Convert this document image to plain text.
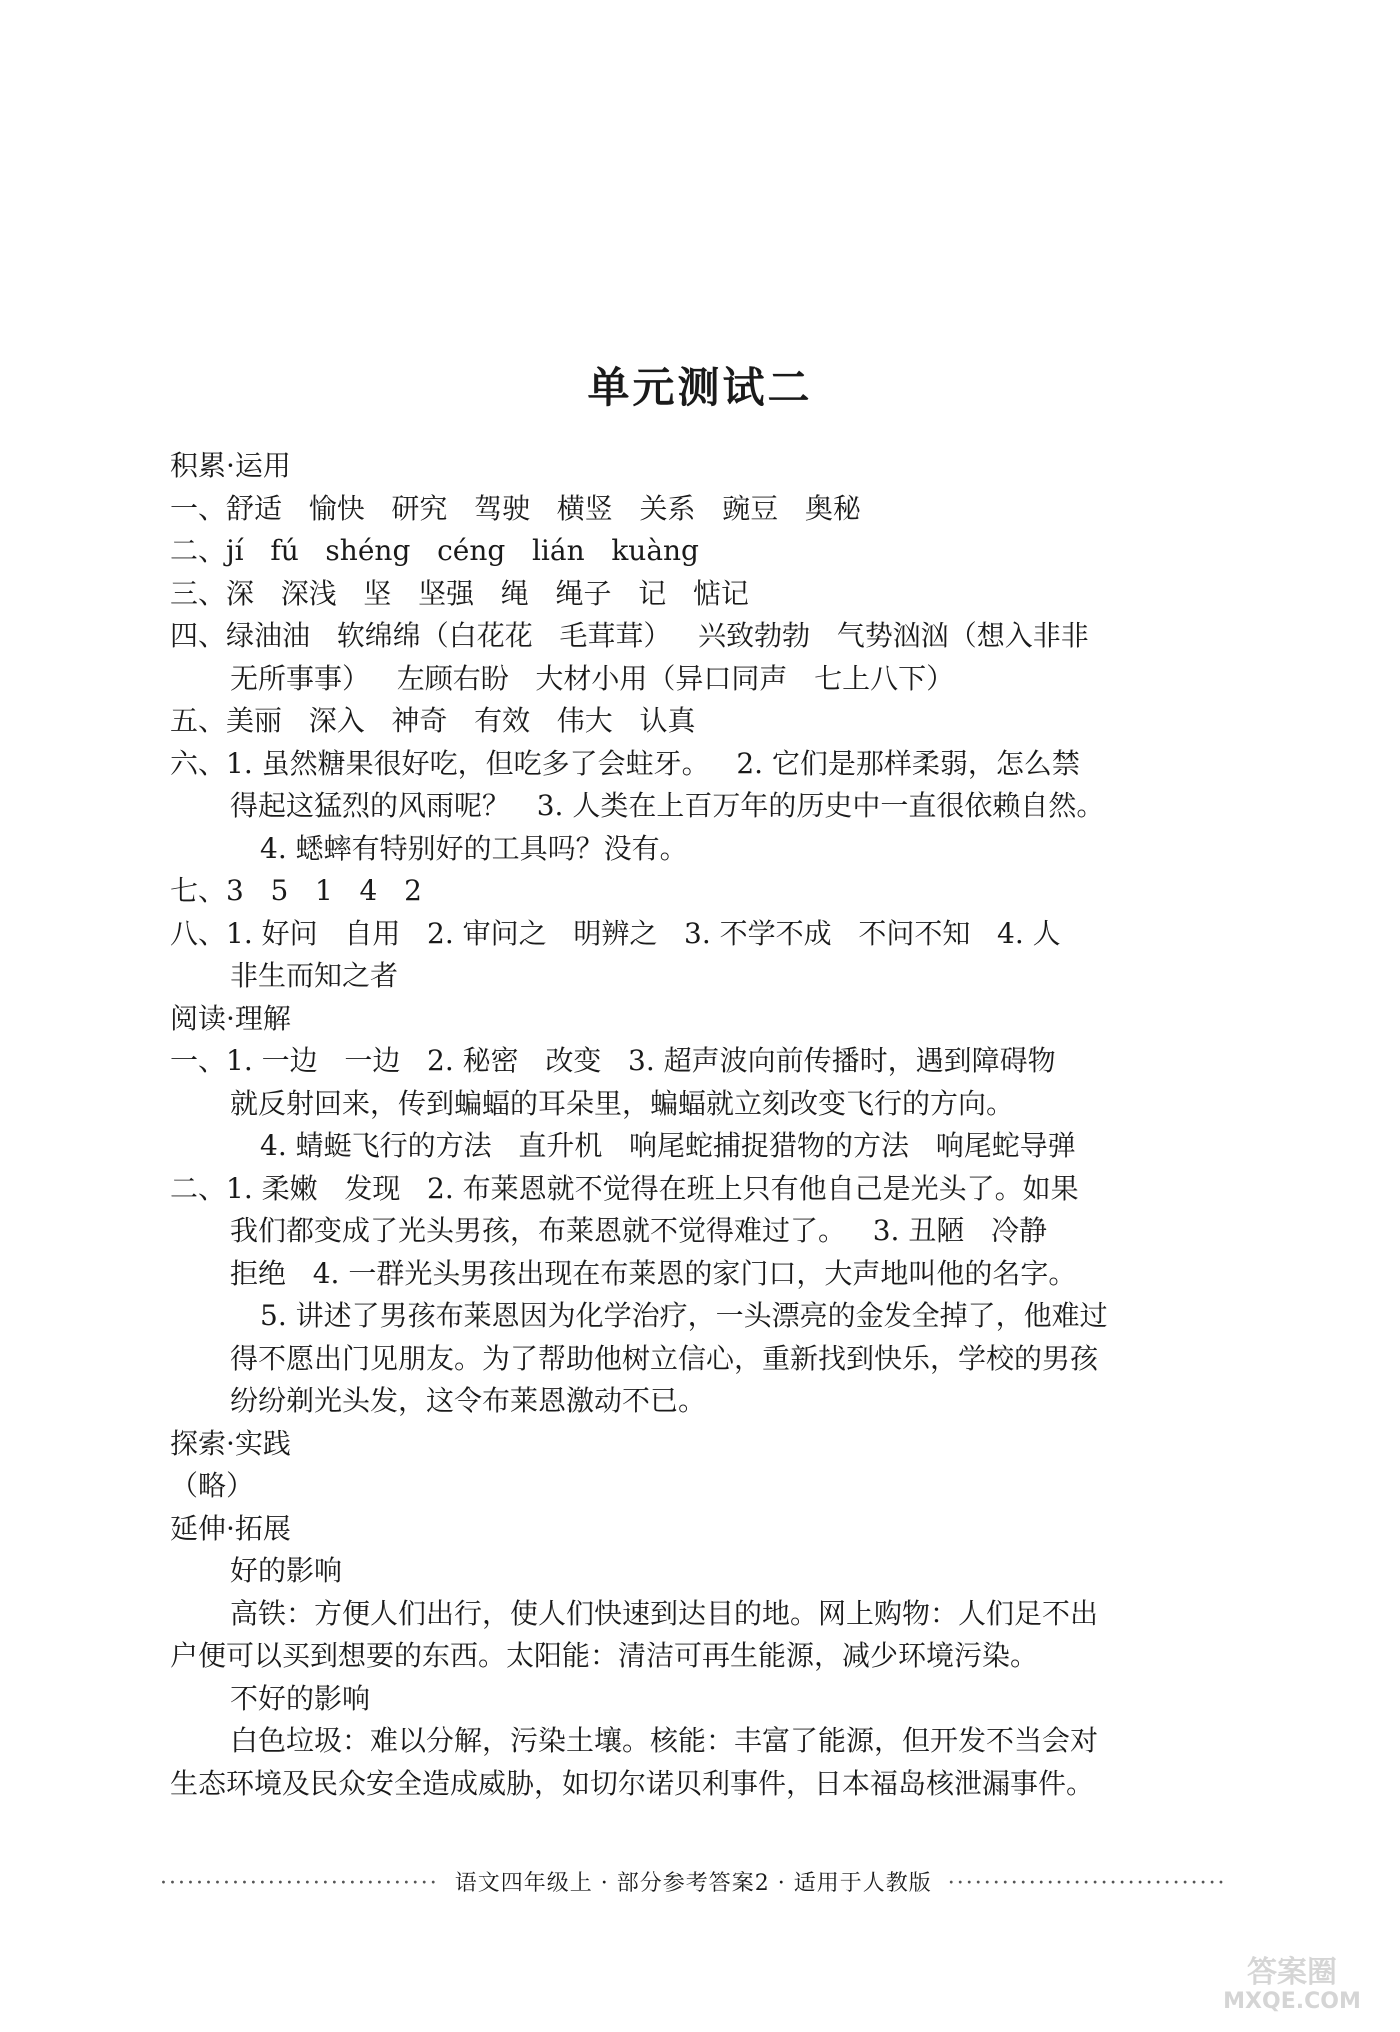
单元测试二
积累·运用
一、舒适   愉快   研究   驾驶   横竖   关系   豌豆   奥秘
二、jí   fú   shéng   céng   lián   kuàng
三、深   深浅   坚   坚强   绳   绳子   记   惦记
四、绿油油   软绵绵（白花花   毛茸茸）   兴致勃勃   气势汹汹（想入非非
无所事事）   左顾右盼   大材小用（异口同声   七上八下）
五、美丽   深入   神奇   有效   伟大   认真
六、1. 虽然糖果很好吃，但吃多了会蛀牙。   2. 它们是那样柔弱，怎么禁
得起这猛烈的风雨呢？   3. 人类在上百万年的历史中一直很依赖自然。
4. 蟋蟀有特别好的工具吗？没有。
七、3   5   1   4   2
八、1. 好问   自用   2. 审问之   明辨之   3. 不学不成   不问不知   4. 人
非生而知之者
阅读·理解
一、1. 一边   一边   2. 秘密   改变   3. 超声波向前传播时，遇到障碍物
就反射回来，传到蝙蝠的耳朵里，蝙蝠就立刻改变飞行的方向。
4. 蜻蜓飞行的方法   直升机   响尾蛇捕捉猎物的方法   响尾蛇导弹
二、1. 柔嫩   发现   2. 布莱恩就不觉得在班上只有他自己是光头了。如果
我们都变成了光头男孩，布莱恩就不觉得难过了。   3. 丑陋   冷静
拒绝   4. 一群光头男孩出现在布莱恩的家门口，大声地叫他的名字。
5. 讲述了男孩布莱恩因为化学治疗，一头漂亮的金发全掉了，他难过
得不愿出门见朋友。为了帮助他树立信心，重新找到快乐，学校的男孩
纷纷剃光头发，这令布莱恩激动不已。
探索·实践
（略）
延伸·拓展
好的影响
高铁：方便人们出行，使人们快速到达目的地。网上购物：人们足不出
户便可以买到想要的东西。太阳能：清洁可再生能源，减少环境污染。
不好的影响
白色垃圾：难以分解，污染土壤。核能：丰富了能源，但开发不当会对
生态环境及民众安全造成威胁，如切尔诺贝利事件，日本福岛核泄漏事件。
······························· 语文四年级上 · 部分参考答案2 · 适用于人教版 ·······························
答案圈
MXQE.COM
